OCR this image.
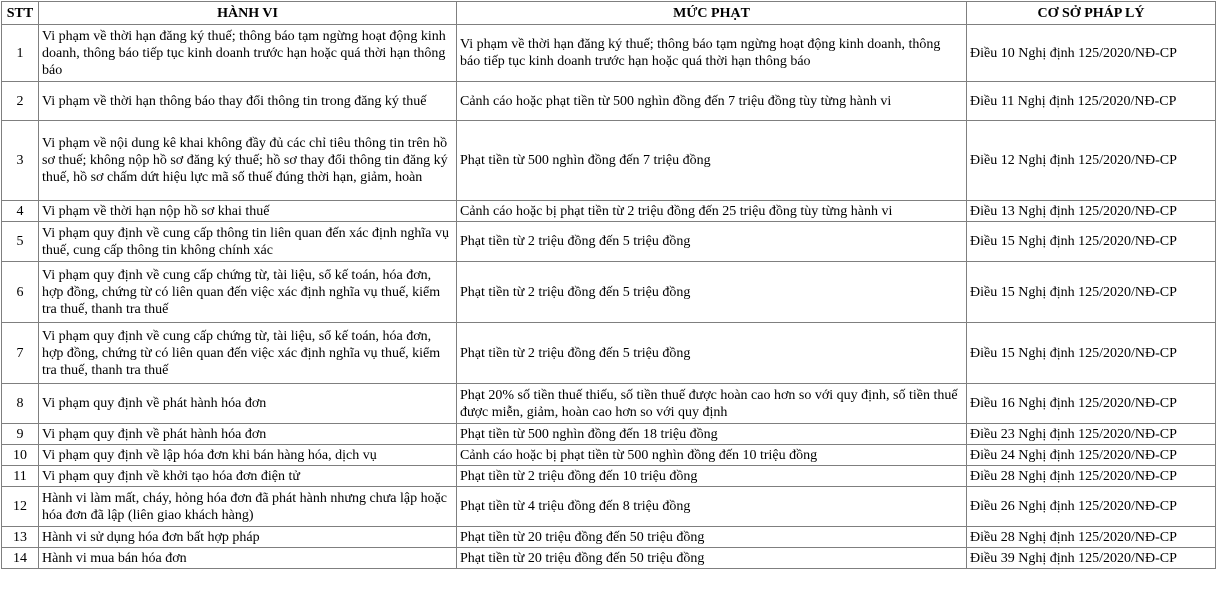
STT	HÀNH VI	MỨC PHẠT	CƠ SỞ PHÁP LÝ
1	Vi phạm về thời hạn đăng ký thuế; thông báo tạm ngừng hoạt động kinh doanh, thông báo tiếp tục kinh doanh trước hạn hoặc quá thời hạn thông báo	Vi phạm về thời hạn đăng ký thuế; thông báo tạm ngừng hoạt động kinh doanh, thông báo tiếp tục kinh doanh trước hạn hoặc quá thời hạn thông báo	Điều 10 Nghị định 125/2020/NĐ-CP
2	Vi phạm về thời hạn thông báo thay đổi thông tin trong đăng ký thuế	Cảnh cáo hoặc phạt tiền từ 500 nghìn đồng đến 7 triệu đồng tùy từng hành vi	Điều 11 Nghị định 125/2020/NĐ-CP
3	Vi phạm về nội dung kê khai không đầy đủ các chỉ tiêu thông tin trên hồ sơ thuế; không nộp hồ sơ đăng ký thuế; hồ sơ thay đổi thông tin đăng ký thuế, hồ sơ chấm dứt hiệu lực mã số thuế đúng thời hạn, giảm, hoàn	Phạt tiền từ 500 nghìn đồng đến 7 triệu đồng	Điều 12 Nghị định 125/2020/NĐ-CP
4	Vi phạm về thời hạn nộp hồ sơ khai thuế	Cảnh cáo hoặc bị phạt tiền từ 2 triệu đồng đến 25 triệu đồng tùy từng hành vi	Điều 13 Nghị định 125/2020/NĐ-CP
5	Vi phạm quy định về cung cấp thông tin liên quan đến xác định nghĩa vụ thuế, cung cấp thông tin không chính xác	Phạt tiền từ 2 triệu đồng đến 5 triệu đồng	Điều 15 Nghị định 125/2020/NĐ-CP
6	Vi phạm quy định về cung cấp chứng từ, tài liệu, sổ kế toán, hóa đơn, hợp đồng, chứng từ có liên quan đến việc xác định nghĩa vụ thuế, kiểm tra thuế, thanh tra thuế	Phạt tiền từ 2 triệu đồng đến 5 triệu đồng	Điều 15 Nghị định 125/2020/NĐ-CP
7	Vi phạm quy định về cung cấp chứng từ, tài liệu, sổ kế toán, hóa đơn, hợp đồng, chứng từ có liên quan đến việc xác định nghĩa vụ thuế, kiểm tra thuế, thanh tra thuế	Phạt tiền từ 2 triệu đồng đến 5 triệu đồng	Điều 15 Nghị định 125/2020/NĐ-CP
8	Vi phạm quy định về phát hành hóa đơn	Phạt 20% số tiền thuế thiếu, số tiền thuế được hoàn cao hơn so với quy định, số tiền thuế được miễn, giảm, hoàn cao hơn so với quy định	Điều 16 Nghị định 125/2020/NĐ-CP
9	Vi phạm quy định về phát hành hóa đơn	Phạt tiền từ 500 nghìn đồng đến 18 triệu đồng	Điều 23 Nghị định 125/2020/NĐ-CP
10	Vi phạm quy định về lập hóa đơn khi bán hàng hóa, dịch vụ	Cảnh cáo hoặc bị phạt tiền từ 500 nghìn đồng đến 10 triệu đồng	Điều 24 Nghị định 125/2020/NĐ-CP
11	Vi phạm quy định về khởi tạo hóa đơn điện tử	Phạt tiền từ 2 triệu đồng đến 10 triệu đồng	Điều 28 Nghị định 125/2020/NĐ-CP
12	Hành vi làm mất, cháy, hỏng hóa đơn đã phát hành nhưng chưa lập hoặc hóa đơn đã lập (liên giao khách hàng)	Phạt tiền từ 4 triệu đồng đến 8 triệu đồng	Điều 26 Nghị định 125/2020/NĐ-CP
13	Hành vi sử dụng hóa đơn bất hợp pháp	Phạt tiền từ 20 triệu đồng đến 50 triệu đồng	Điều 28 Nghị định 125/2020/NĐ-CP
14	Hành vi mua bán hóa đơn	Phạt tiền từ 20 triệu đồng đến 50 triệu đồng	Điều 39 Nghị định 125/2020/NĐ-CP
